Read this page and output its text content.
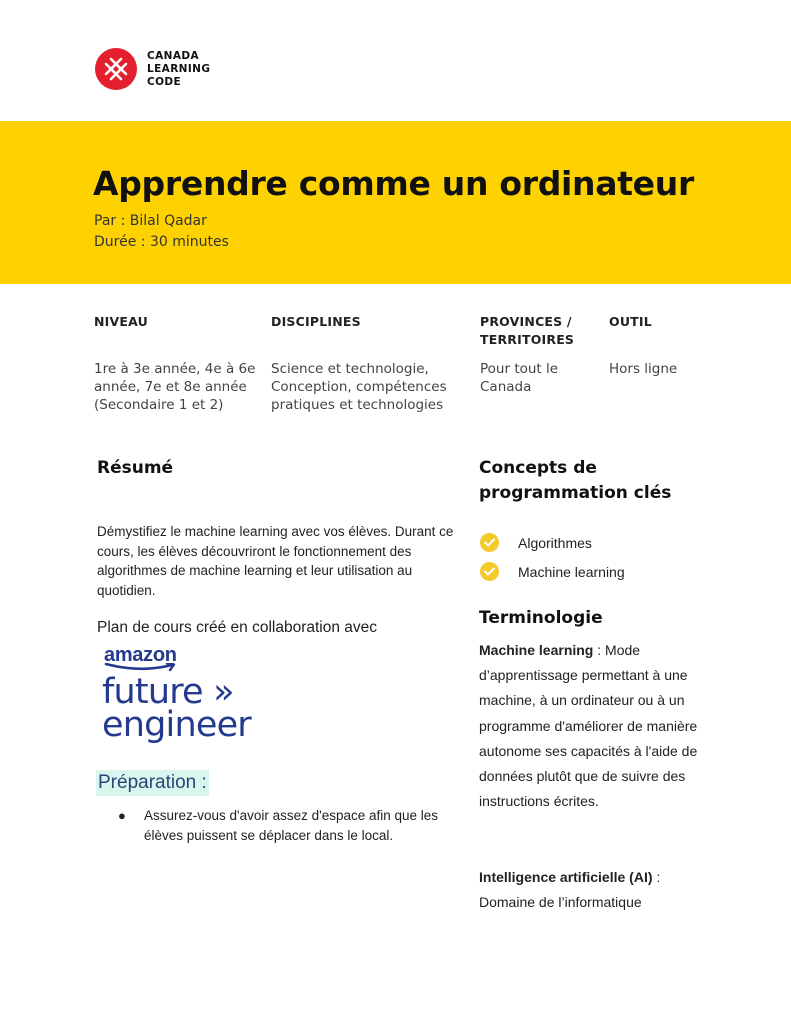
CANADA
LEARNING
CODE
Apprendre comme un ordinateur
Par : Bilal Qadar
Durée : 30 minutes
NIVEAU	DISCIPLINES	PROVINCES /
TERRITOIRES
OUTIL
1re à 3e année, 4e à 6e
année, 7e et 8e année
(Secondaire 1 et 2)
Science et technologie,
Conception, compétences
pratiques et technologies
Pour tout le
Canada
Hors ligne
Résumé

Démystifiez le machine learning avec vos élèves. Durant ce cours, les élèves découvriront le fonctionnement des algorithmes de machine learning et leur utilisation au quotidien.

Plan de cours créé en collaboration avec
amazon
future »
engineer
Préparation :
● Assurez-vous d'avoir assez d'espace afin que les élèves puissent se déplacer dans le local.
Concepts de programmation clés
Algorithmes
Machine learning
Terminologie
Machine learning : Mode d’apprentissage permettant à une machine, à un ordinateur ou à un programme d'améliorer de manière autonome ses capacités à l'aide de données plutôt que de suivre des instructions écrites.
Intelligence artificielle (AI) : Domaine de l’informatique
